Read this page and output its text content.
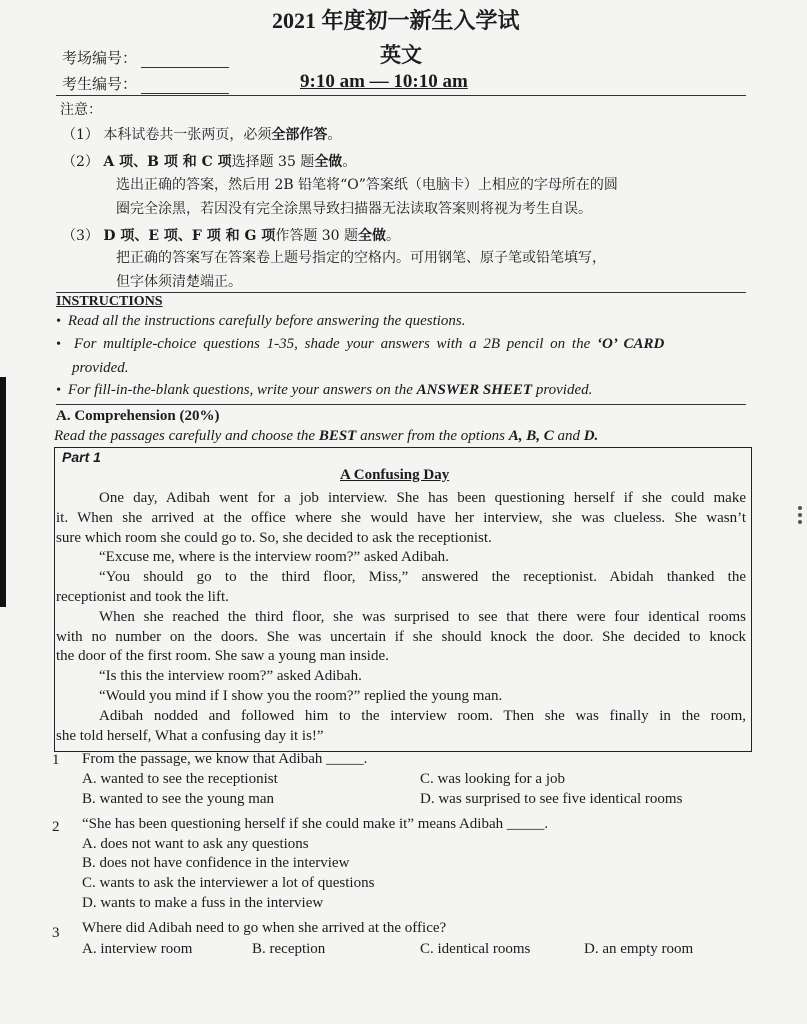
2021 年度初一新生入学试
英文
考场编号：
考生编号：	9:10 am — 10:10 am
注意：
（1） 本科试卷共一张两页，必须全部作答。
（2） A 项、B 项 和 C 项选择题 35 题全做。
选出正确的答案，然后用 2B 铅笔将“O”答案纸（电脑卡）上相应的字母所在的圆
圈完全涂黑，若因没有完全涂黑导致扫描器无法读取答案则将视为考生自误。
（3） D 项、E 项、F 项 和 G 项作答题 30 题全做。
把正确的答案写在答案卷上题号指定的空格内。可用钢笔、原子笔或铅笔填写，
但字体须清楚端正。
INSTRUCTIONS
•  Read all the instructions carefully before answering the questions.
•  For multiple-choice questions 1-35, shade your answers with a 2B pencil on the ‘O’ CARD
provided.
•  For fill-in-the-blank questions, write your answers on the ANSWER SHEET provided.
A. Comprehension (20%)
Read the passages carefully and choose the BEST answer from the options A, B, C and D.
Part 1
A Confusing Day
One day, Adibah went for a job interview. She has been questioning herself if she could make
it. When she arrived at the office where she would have her interview, she was clueless. She wasn’t
sure which room she could go to. So, she decided to ask the receptionist.
“Excuse me, where is the interview room?” asked Adibah.
“You should go to the third floor, Miss,” answered the receptionist. Abidah thanked the
receptionist and took the lift.
When she reached the third floor, she was surprised to see that there were four identical rooms
with no number on the doors. She was uncertain if she should knock the door. She decided to knock
the door of the first room. She saw a young man inside.
“Is this the interview room?” asked Adibah.
“Would you mind if I show you the room?” replied the young man.
Adibah nodded and followed him to the interview room. Then she was finally in the room,
she told herself, What a confusing day it is!”
1 From the passage, we know that Adibah _____.
A. wanted to see the receptionist	C. was looking for a job
B. wanted to see the young man	D. was surprised to see five identical rooms
2 “She has been questioning herself if she could make it” means Adibah _____.
A. does not want to ask any questions
B. does not have confidence in the interview
C. wants to ask the interviewer a lot of questions
D. wants to make a fuss in the interview
3 Where did Adibah need to go when she arrived at the office?
A. interview room	B. reception	C. identical rooms	D. an empty room
